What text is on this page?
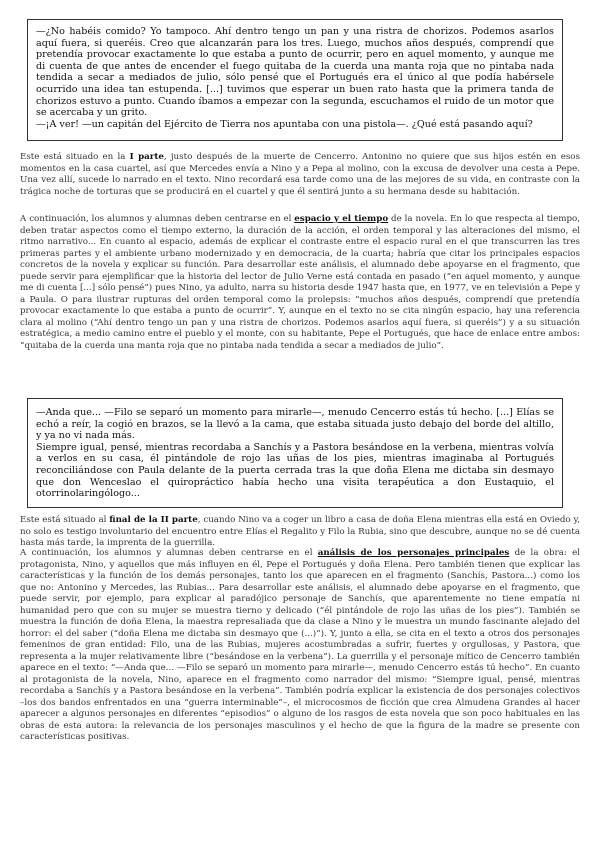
—¿No habéis comido? Yo tampoco. Ahí dentro tengo un pan y una ristra de chorizos. Podemos asarlos aquí fuera, si queréis. Creo que alcanzarán para los tres. Luego, muchos años después, comprendí que pretendía provocar exactamente lo que estaba a punto de ocurrir, pero en aquel momento, y aunque me di cuenta de que antes de encender el fuego quitaba de la cuerda una manta roja que no pintaba nada tendida a secar a mediados de julio, sólo pensé que el Portugués era el único al que podía habérsele ocurrido una idea tan estupenda. [...] tuvimos que esperar un buen rato hasta que la primera tanda de chorizos estuvo a punto. Cuando íbamos a empezar con la segunda, escuchamos el ruido de un motor que se acercaba y un grito.

—¡A ver! —un capitán del Ejército de Tierra nos apuntaba con una pistola—. ¿Qué está pasando aquí?

Este está situado en la I parte, justo después de la muerte de Cencerro. Antonino no quiere que sus hijos estén en esos momentos en la casa cuartel, así que Mercedes envía a Nino y a Pepa al molino, con la excusa de devolver una cesta a Pepe. Una vez allí, sucede lo narrado en el texto. Nino recordará esa tarde como una de las mejores de su vida, en contraste con la trágica noche de torturas que se producirá en el cuartel y que él sentirá junto a su hermana desde su habitación.
A continuación, los alumnos y alumnas deben centrarse en el espacio y el tiempo de la novela. En lo que respecta al tiempo, deben tratar aspectos como el tiempo externo, la duración de la acción, el orden temporal y las alteraciones del mismo, el ritmo narrativo... En cuanto al espacio, además de explicar el contraste entre el espacio rural en el que transcurren las tres primeras partes y el ambiente urbano modernizado y en democracia, de la cuarta; habría que citar los principales espacios concretos de la novela y explicar su función. Para desarrollar este análisis, el alumnado debe apoyarse en el fragmento, que puede servir para ejemplificar que la historia del lector de Julio Verne está contada en pasado (“en aquel momento, y aunque me di cuenta [...] sólo pensé”) pues Nino, ya adulto, narra su historia desde 1947 hasta que, en 1977, ve en televisión a Pepe y a Paula. O para ilustrar rupturas del orden temporal como la prolepsis: “muchos años después, comprendí que pretendía provocar exactamente lo que estaba a punto de ocurrir”. Y, aunque en el texto no se cita ningún espacio, hay una referencia clara al molino (“Ahí dentro tengo un pan y una ristra de chorizos. Podemos asarlos aquí fuera, si queréis”) y a su situación estratégica, a medio camino entre el pueblo y el monte, con su habitante, Pepe el Portugués, que hace de enlace entre ambos: “quitaba de la cuerda una manta roja que no pintaba nada tendida a secar a mediados de julio”.

—Anda que... —Filo se separó un momento para mirarle—, menudo Cencerro estás tú hecho. [...] Elías se echó a reír, la cogió en brazos, se la llevó a la cama, que estaba situada justo debajo del borde del altillo, y ya no vi nada más.

Siempre igual, pensé, mientras recordaba a Sanchís y a Pastora besándose en la verbena, mientras volvía a verlos en su casa, él pintándole de rojo las uñas de los pies, mientras imaginaba al Portugués reconciliándose con Paula delante de la puerta cerrada tras la que doña Elena me dictaba sin desmayo que don Wenceslao el quiropráctico había hecho una visita terapéutica a don Eustaquio, el otorrinolaringólogo...

Este está situado al final de la II parte, cuando Nino va a coger un libro a casa de doña Elena mientras ella está en Oviedo y, no solo es testigo involuntario del encuentro entre Elías el Regalito y Filo la Rubia, sino que descubre, aunque no se dé cuenta hasta más tarde, la imprenta de la guerrilla.
A continuación, los alumnos y alumnas deben centrarse en el análisis de los personajes principales de la obra: el protagonista, Nino, y aquellos que más influyen en él, Pepe el Portugués y doña Elena. Pero también tienen que explicar las características y la función de los demás personajes, tanto los que aparecen en el fragmento (Sanchís, Pastora...) como los que no: Antonino y Mercedes, las Rubias... Para desarrollar este análisis, el alumnado debe apoyarse en el fragmento, que puede servir, por ejemplo, para explicar al paradójico personaje de Sanchís, que aparentemente no tiene empatía ni humanidad pero que con su mujer se muestra tierno y delicado (“él pintándole de rojo las uñas de los pies”). También se muestra la función de doña Elena, la maestra represaliada que da clase a Nino y le muestra un mundo fascinante alejado del horror: el del saber (“doña Elena me dictaba sin desmayo que (...)”). Y, junto a ella, se cita en el texto a otros dos personajes femeninos de gran entidad: Filo, una de las Rubias, mujeres acostumbradas a sufrir, fuertes y orgullosas, y Pastora, que representa a la mujer relativamente libre (“besándose en la verbena”). La guerrilla y el personaje mítico de Cencerro también aparece en el texto: “—Anda que... —Filo se separó un momento para mirarle—, menudo Cencerro estás tú hecho”. En cuanto al protagonista de la novela, Nino, aparece en el fragmento como narrador del mismo: “Siempre igual, pensé, mientras recordaba a Sanchís y a Pastora besándose en la verbena”. También podría explicar la existencia de dos personajes colectivos –los dos bandos enfrentados en una “guerra interminable”–, el microcosmos de ficción que crea Almudena Grandes al hacer aparecer a algunos personajes en diferentes “episodios” o alguno de los rasgos de esta novela que son poco habituales en las obras de esta autora: la relevancia de los personajes masculinos y el hecho de que la figura de la madre se presente con características positivas.
